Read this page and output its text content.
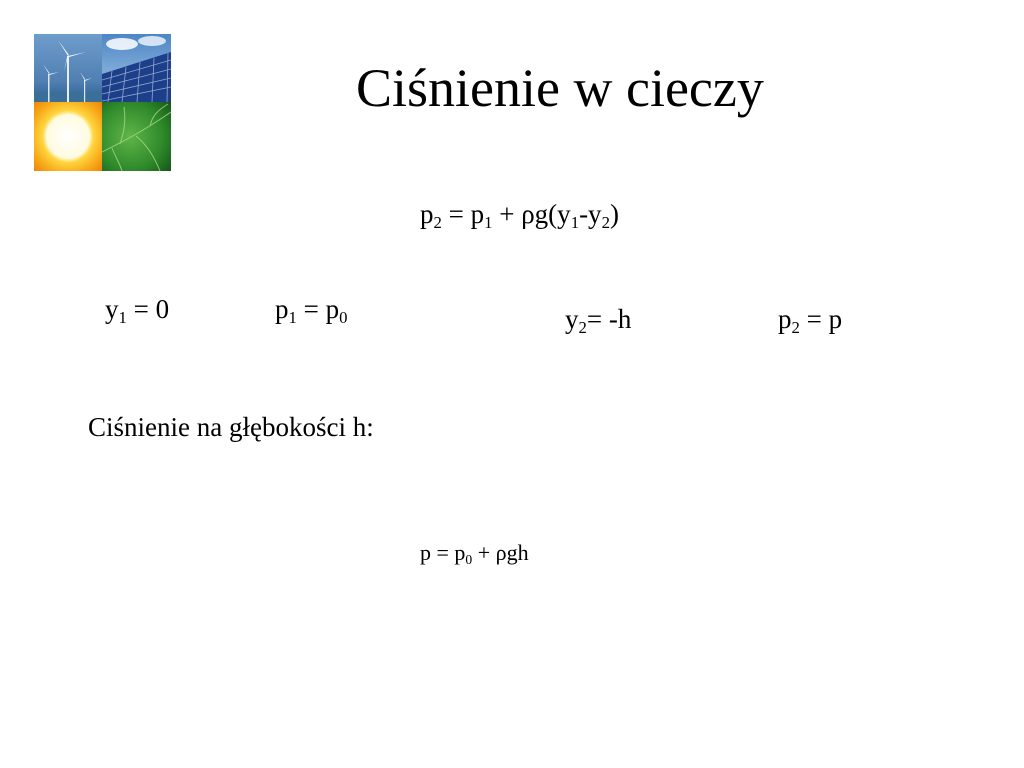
Ciśnienie w cieczy
$p_2 = p_1 + \rho g(y_1-y_2)$
$y_1 = 0$	$p_1 = p_0$	$y_2= -h$	$p_2 = p$
Ciśnienie na głębokości h:
$p = p_0 + \rho gh$
